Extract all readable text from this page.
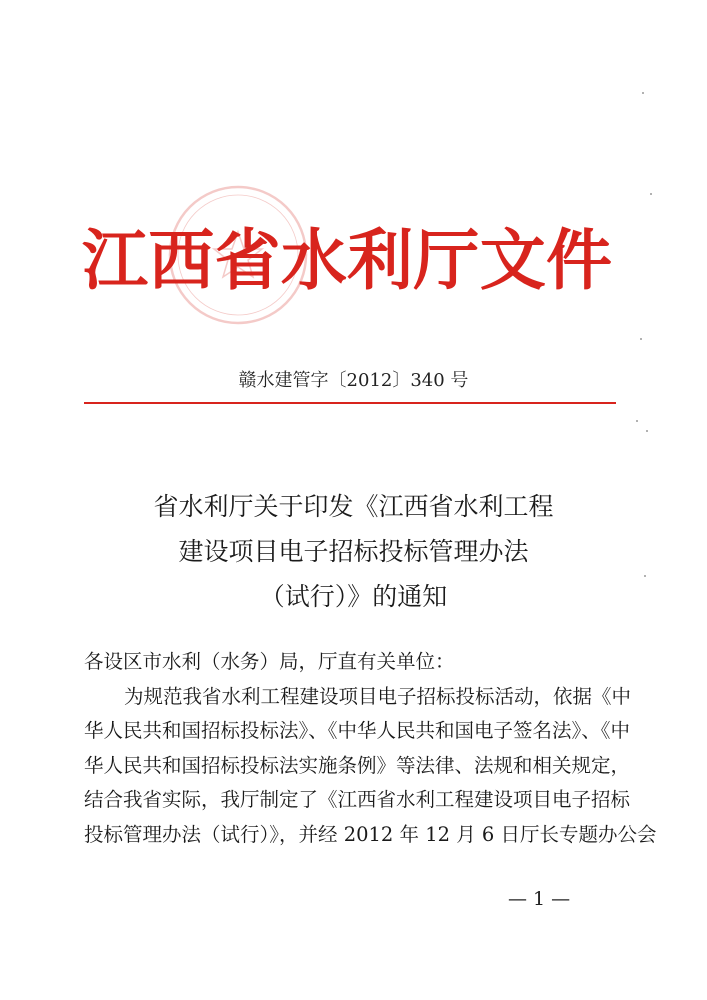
江 西 省 水 利 厅 文 件
赣水建管字〔2012〕340 号
省水利厅关于印发《江西省水利工程
建设项目电子招标投标管理办法
（试行）》的通知
各设区市水利（水务）局，厅直有关单位：
为规范我省水利工程建设项目电子招标投标活动，依据《中
华人民共和国招标投标法》、《中华人民共和国电子签名法》、《中
华人民共和国招标投标法实施条例》等法律、法规和相关规定，
结合我省实际，我厅制定了《江西省水利工程建设项目电子招标
投标管理办法（试行）》，并经 2012 年 12 月 6 日厅长专题办公会
— 1 —
